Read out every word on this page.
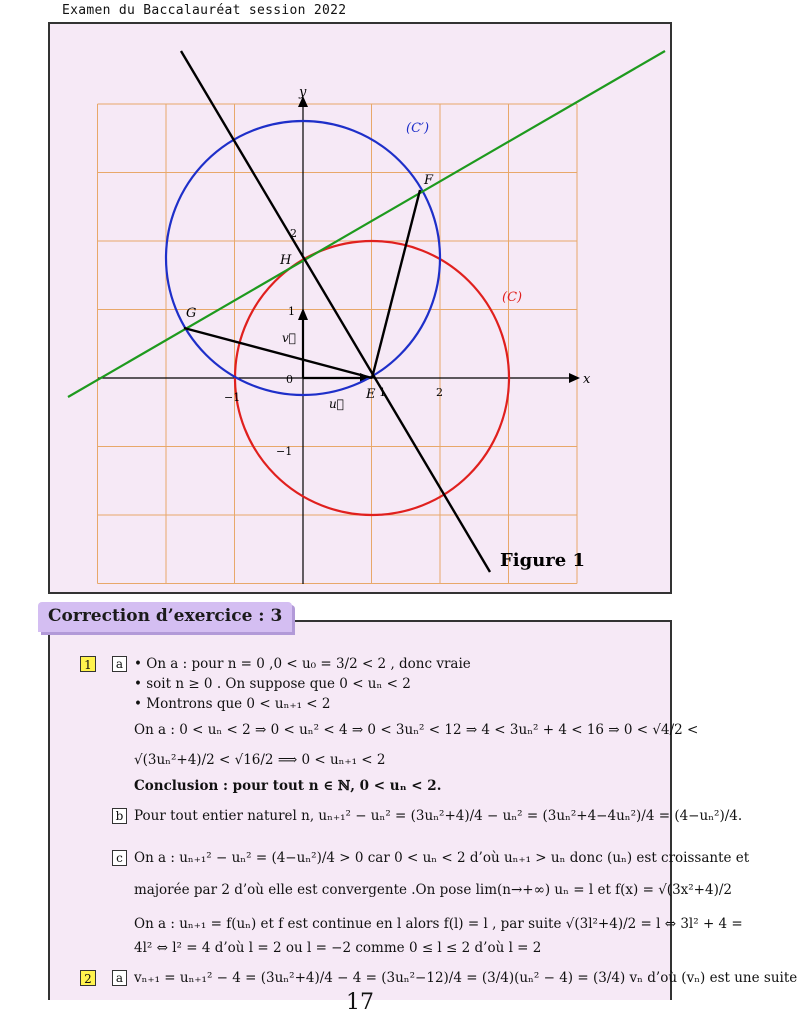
Examen du Baccalauréat session 2022
x
y
−1
0
1	2
−1
1
2
E
F
G
H
(C)
(C′)
u⃗
v⃗
Figure 1
1	a • On a : pour n = 0 ,0 < u₀ = 3/2 < 2 , donc vraie
• soit n ≥ 0 . On suppose que 0 < uₙ < 2
• Montrons que 0 < uₙ₊₁ < 2
On a : 0 < uₙ < 2 ⇒ 0 < uₙ² < 4 ⇒ 0 < 3uₙ² < 12 ⇒ 4 < 3uₙ² + 4 < 16 ⇒ 0 < √4/2 <
√(3uₙ²+4)/2 < √16/2 ⟹ 0 < uₙ₊₁ < 2
Conclusion : pour tout n ∈ ℕ, 0 < uₙ < 2.
b Pour tout entier naturel n, uₙ₊₁² − uₙ² = (3uₙ²+4)/4 − uₙ² = (3uₙ²+4−4uₙ²)/4 = (4−uₙ²)/4.
c On a : uₙ₊₁² − uₙ² = (4−uₙ²)/4 > 0 car 0 < uₙ < 2 d’où uₙ₊₁ > uₙ donc (uₙ) est croissante et
majorée par 2 d’où elle est convergente .On pose lim(n→+∞) uₙ = l et f(x) = √(3x²+4)/2
On a : uₙ₊₁ = f(uₙ) et f est continue en l alors f(l) = l , par suite √(3l²+4)/2 = l ⇔ 3l² + 4 =
4l² ⇔ l² = 4 d’où l = 2 ou l = −2 comme 0 ≤ l ≤ 2 d’où l = 2
2	a vₙ₊₁ = uₙ₊₁² − 4 = (3uₙ²+4)/4 − 4 = (3uₙ²−12)/4 = (3/4)(uₙ² − 4) = (3/4) vₙ d’où (vₙ) est une suite
Correction d’exercice : 3
17
